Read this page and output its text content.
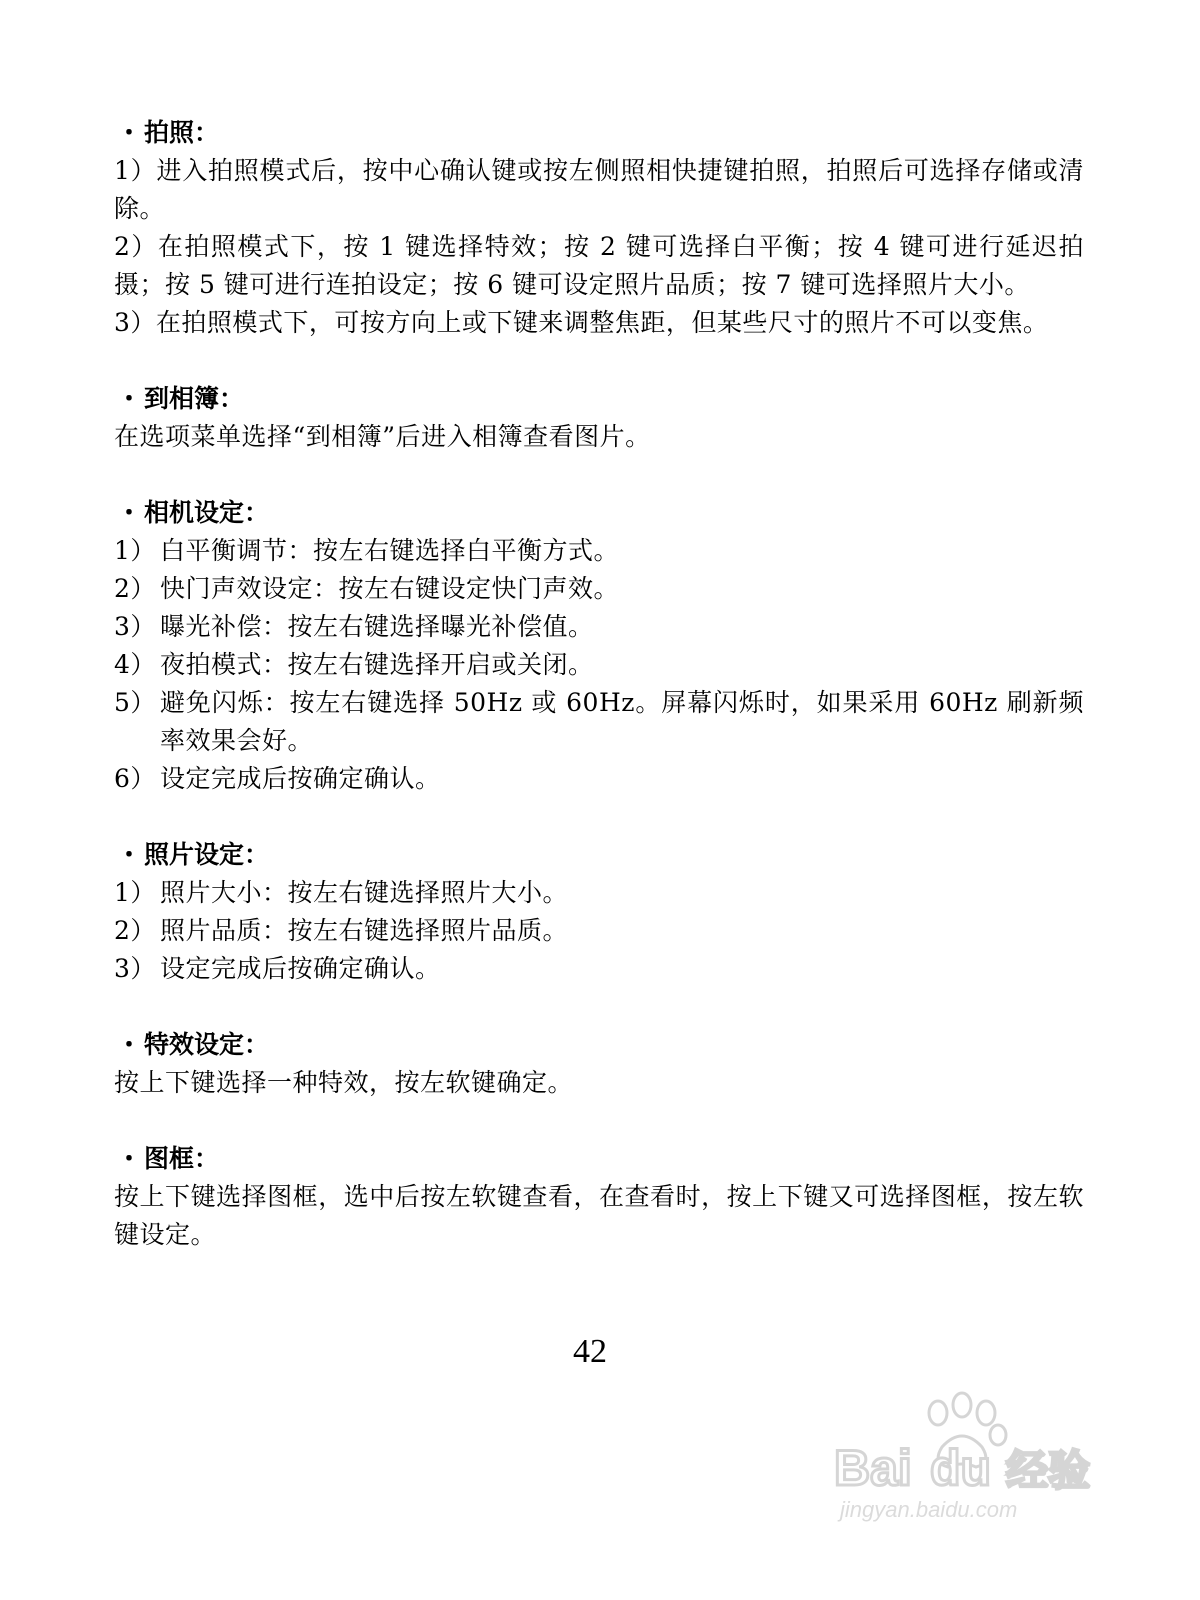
・ 拍照：
1）进入拍照模式后，按中心确认键或按左侧照相快捷键拍照，拍照后可选择存储或清除。
2）在拍照模式下，按 1 键选择特效；按 2 键可选择白平衡；按 4 键可进行延迟拍摄；按 5 键可进行连拍设定；按 6 键可设定照片品质；按 7 键可选择照片大小。
3）在拍照模式下，可按方向上或下键来调整焦距，但某些尺寸的照片不可以变焦。
・ 到相簿：
在选项菜单选择“到相簿”后进入相簿查看图片。
・ 相机设定：
1） 白平衡调节：按左右键选择白平衡方式。
2） 快门声效设定：按左右键设定快门声效。
3） 曝光补偿：按左右键选择曝光补偿值。
4） 夜拍模式：按左右键选择开启或关闭。
5） 避免闪烁：按左右键选择 50Hz 或 60Hz。屏幕闪烁时，如果采用 60Hz 刷新频率效果会好。
6） 设定完成后按确定确认。
・ 照片设定：
1） 照片大小：按左右键选择照片大小。
2） 照片品质：按左右键选择照片品质。
3） 设定完成后按确定确认。
・ 特效设定：
按上下键选择一种特效，按左软键确定。
・ 图框：
按上下键选择图框，选中后按左软键查看，在查看时，按上下键又可选择图框，按左软键设定。
42
Bai du 经验
jingyan.baidu.com
